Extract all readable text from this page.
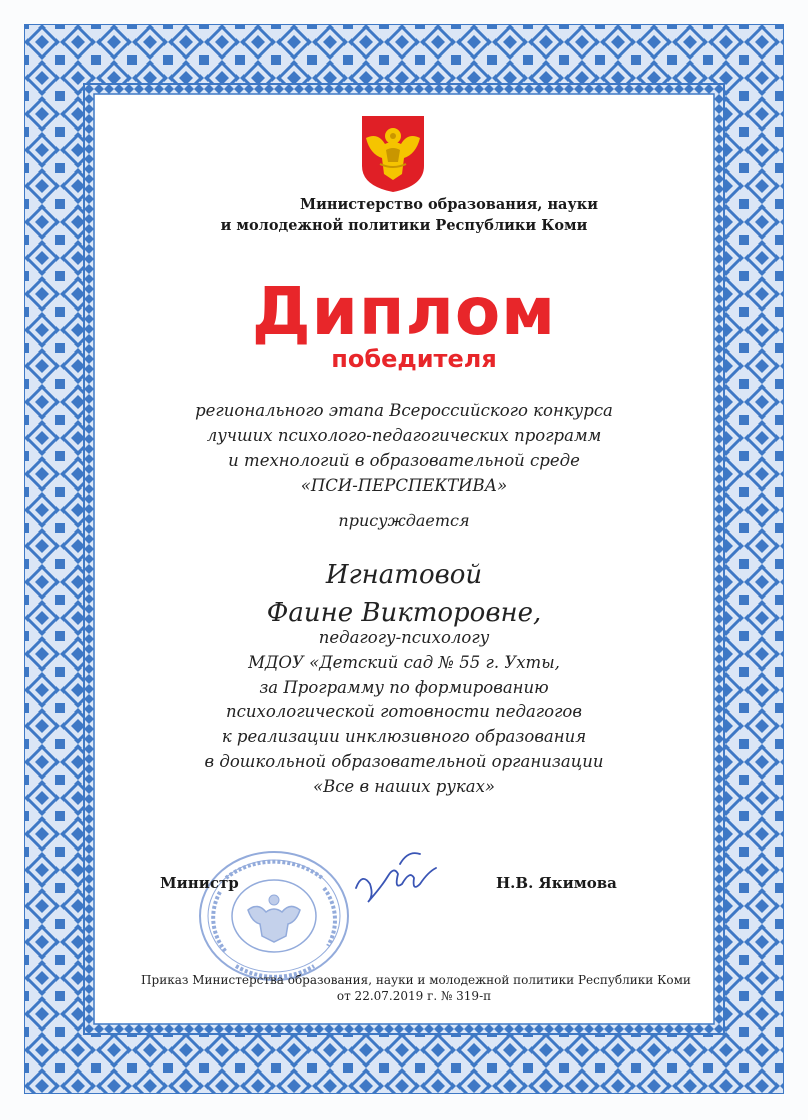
Министерство образования, науки
и молодежной политики Республики Коми
Диплом
победителя
регионального этапа Всероссийского конкурса
лучших психолого-педагогических программ
и технологий в образовательной среде
«ПСИ-ПЕРСПЕКТИВА»
присуждается
Игнатовой
Фаине Викторовне,
педагогу-психологу
МДОУ «Детский сад № 55 г. Ухты,
за Программу по формированию
психологической готовности педагогов
к реализации инклюзивного образования
в дошкольной образовательной организации
«Все в наших руках»
Министр	Н.В. Якимова
Приказ Министерства образования, науки и молодежной политики Республики Коми
от 22.07.2019 г. № 319-п
